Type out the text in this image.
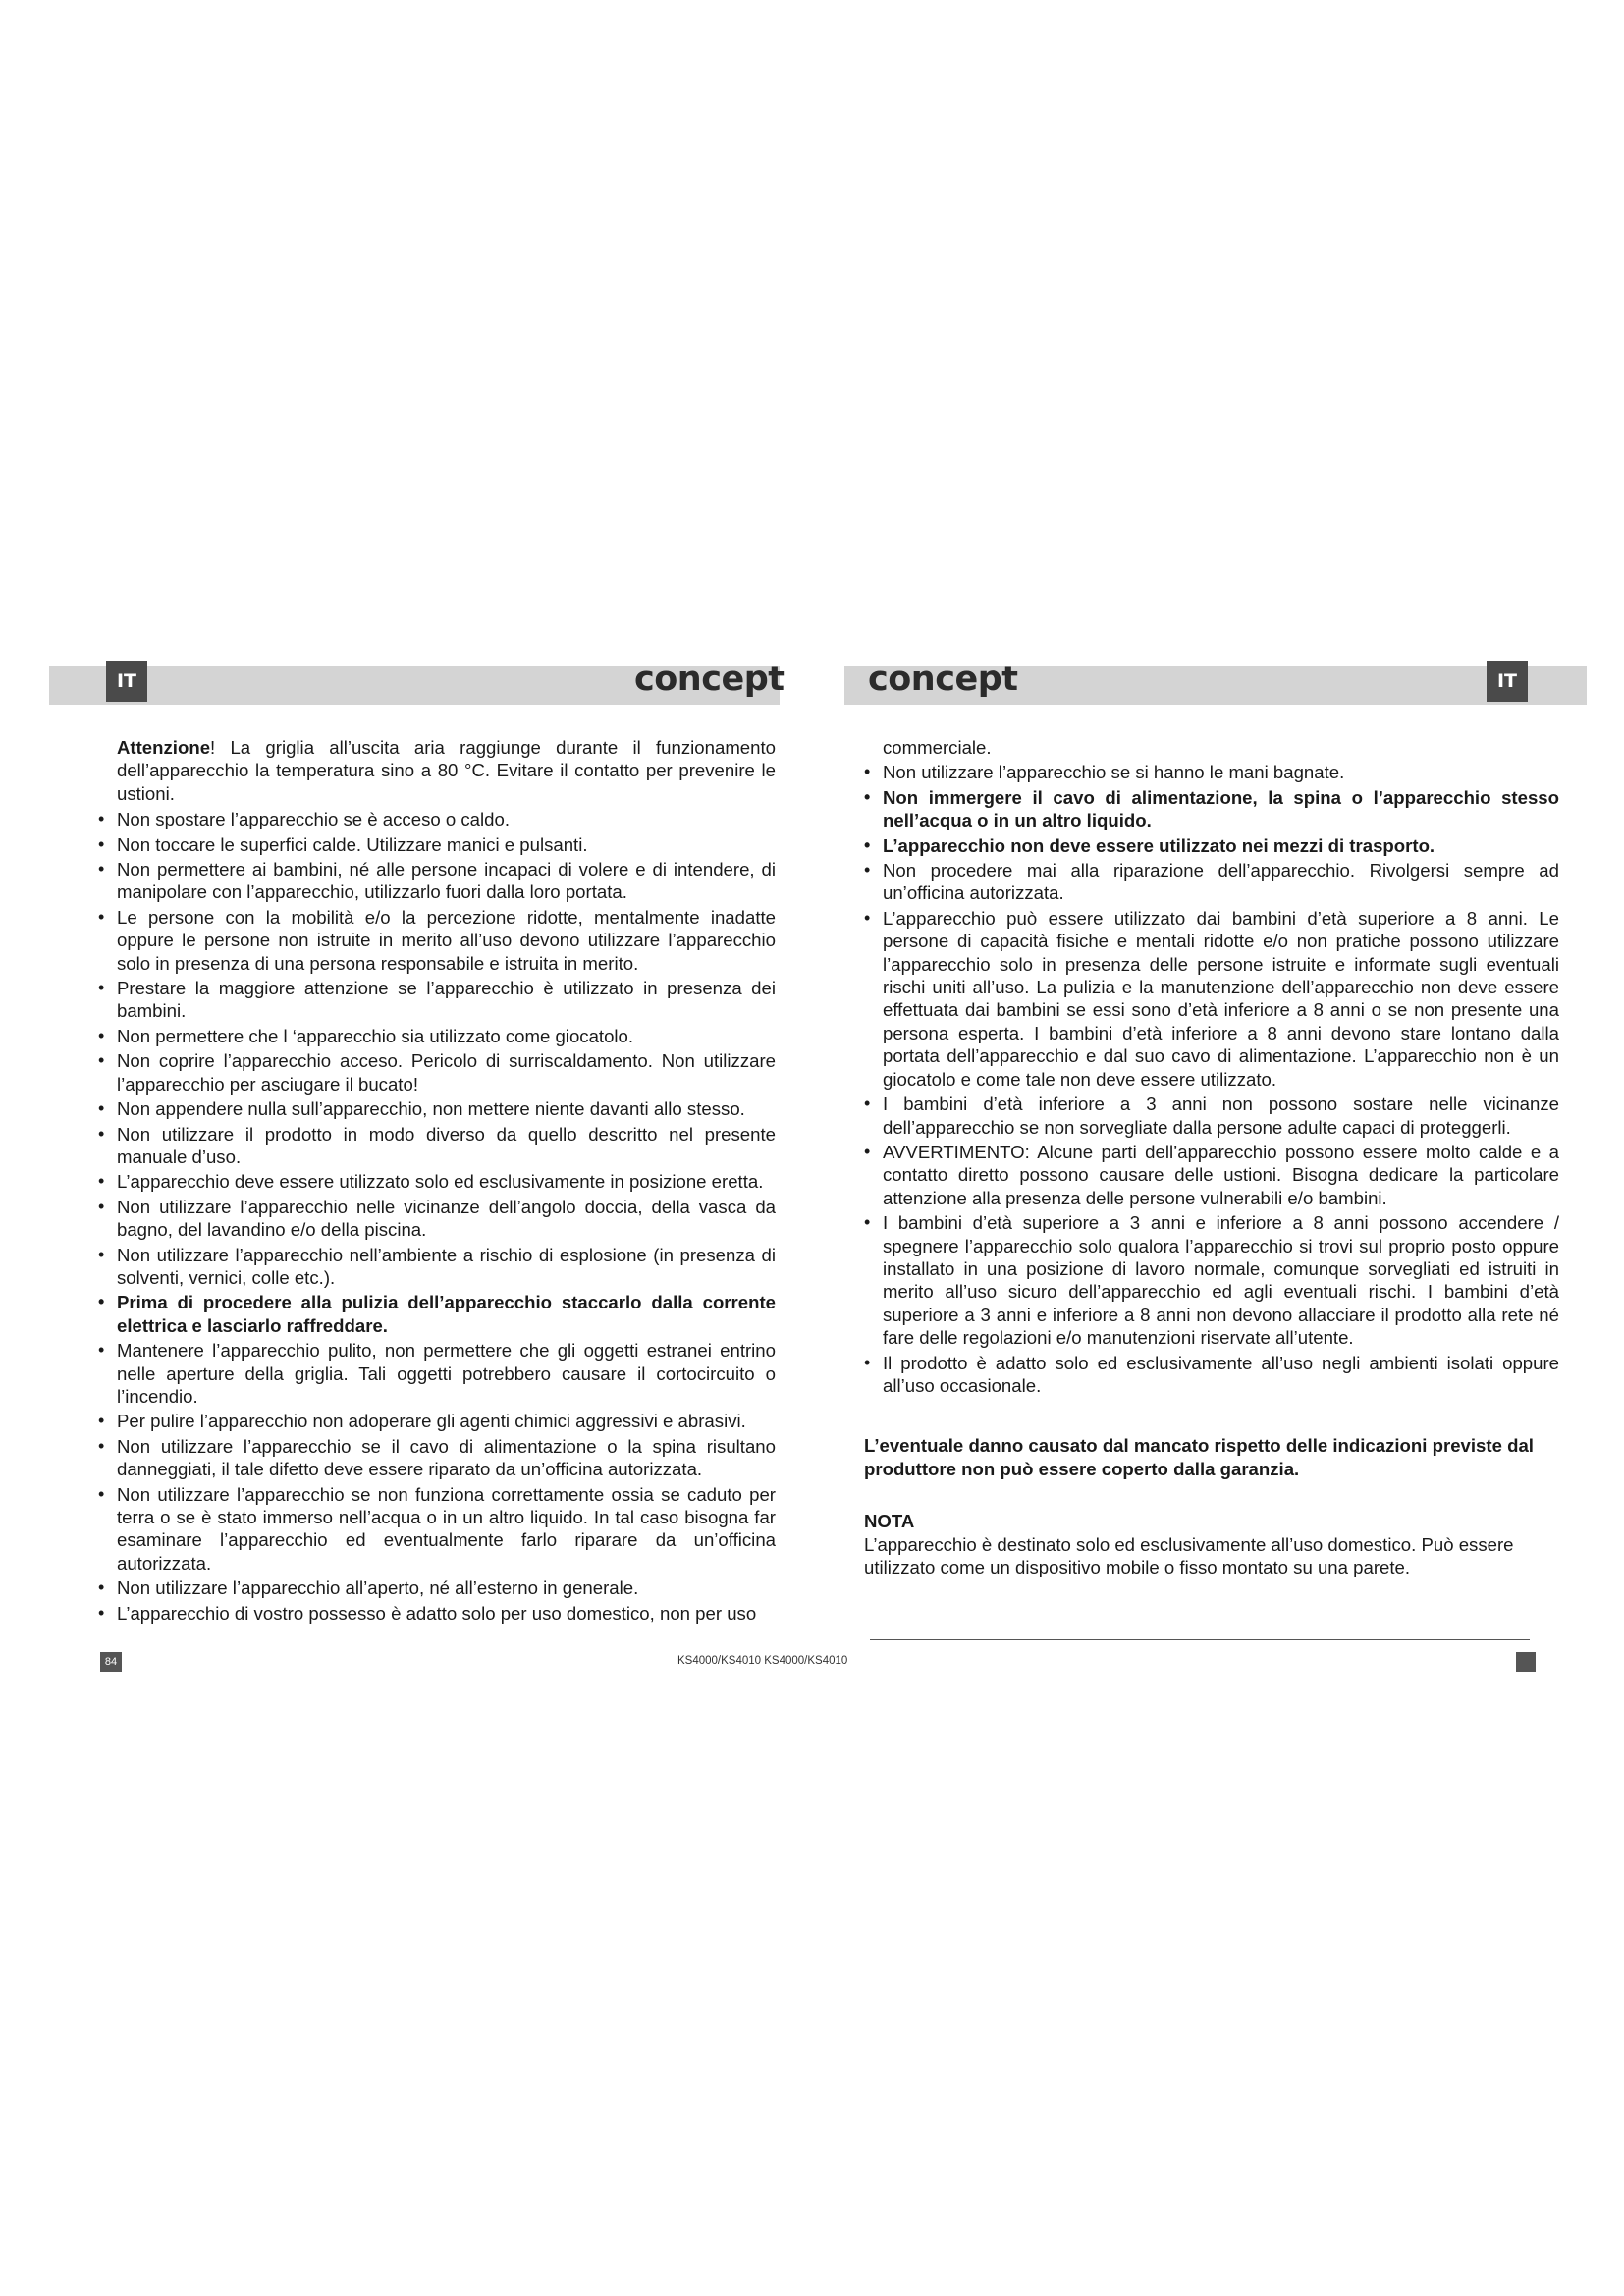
IT	IT
concept concept

Attenzione! La griglia all’uscita aria raggiunge durante il funzionamento dell’apparecchio la temperatura sino a 80 °C. Evitare il contatto per prevenire le ustioni.

• Non spostare l’apparecchio se è acceso o caldo.
• Non toccare le superfici calde. Utilizzare manici e pulsanti.
• Non permettere ai bambini, né alle persone incapaci di volere e di intendere, di manipolare con l’apparecchio, utilizzarlo fuori dalla loro portata.
• Le persone con la mobilità e/o la percezione ridotte, mentalmente inadatte oppure le persone non istruite in merito all’uso devono utilizzare l’apparecchio solo in presenza di una persona responsabile e istruita in merito.
• Prestare la maggiore attenzione se l’apparecchio è utilizzato in presenza dei bambini.
• Non permettere che l ‘apparecchio sia utilizzato come giocatolo.
• Non coprire l’apparecchio acceso. Pericolo di surriscaldamento. Non utilizzare l’apparecchio per asciugare il bucato!
• Non appendere nulla sull’apparecchio, non mettere niente davanti allo stesso.
• Non utilizzare il prodotto in modo diverso da quello descritto nel presente manuale d’uso.
• L’apparecchio deve essere utilizzato solo ed esclusivamente in posizione eretta.
• Non utilizzare l’apparecchio nelle vicinanze dell’angolo doccia, della vasca da bagno, del lavandino e/o della piscina.
• Non utilizzare l’apparecchio nell’ambiente a rischio di esplosione (in presenza di solventi, vernici, colle etc.).
• Prima di procedere alla pulizia dell’apparecchio staccarlo dalla corrente elettrica e lasciarlo raffreddare.
• Mantenere l’apparecchio pulito, non permettere che gli oggetti estranei entrino nelle aperture della griglia. Tali oggetti potrebbero causare il cortocircuito o l’incendio.
• Per pulire l’apparecchio non adoperare gli agenti chimici aggressivi e abrasivi.
• Non utilizzare l’apparecchio se il cavo di alimentazione o la spina risultano danneggiati, il tale difetto deve essere riparato da un’officina autorizzata.
• Non utilizzare l’apparecchio se non funziona correttamente ossia se caduto per terra o se è stato immerso nell’acqua o in un altro liquido. In tal caso bisogna far esaminare l’apparecchio ed eventualmente farlo riparare da un’officina autorizzata.
• Non utilizzare l’apparecchio all’aperto, né all’esterno in generale.
• L’apparecchio di vostro possesso è adatto solo per uso domestico, non per uso

commerciale.

• Non utilizzare l’apparecchio se si hanno le mani bagnate.
• Non immergere il cavo di alimentazione, la spina o l’apparecchio stesso nell’acqua o in un altro liquido.
• L’apparecchio non deve essere utilizzato nei mezzi di trasporto.
• Non procedere mai alla riparazione dell’apparecchio. Rivolgersi sempre ad un’officina autorizzata.
• L’apparecchio può essere utilizzato dai bambini d’età superiore a 8 anni. Le persone di capacità fisiche e mentali ridotte e/o non pratiche possono utilizzare l’apparecchio solo in presenza delle persone istruite e informate sugli eventuali rischi uniti all’uso. La pulizia e la manutenzione dell’apparecchio non deve essere effettuata dai bambini se essi sono d’età inferiore a 8 anni o se non presente una persona esperta. I bambini d’età inferiore a 8 anni devono stare lontano dalla portata dell’apparecchio e dal suo cavo di alimentazione. L’apparecchio non è un giocatolo e come tale non deve essere utilizzato.
• I bambini d’età inferiore a 3 anni non possono sostare nelle vicinanze dell’apparecchio se non sorvegliate dalla persone adulte capaci di proteggerli.
• AVVERTIMENTO: Alcune parti dell’apparecchio possono essere molto calde e a contatto diretto possono causare delle ustioni. Bisogna dedicare la particolare attenzione alla presenza delle persone vulnerabili e/o bambini.
• I bambini d’età superiore a 3 anni e inferiore a 8 anni possono accendere / spegnere l’apparecchio solo qualora l’apparecchio si trovi sul proprio posto oppure installato in una posizione di lavoro normale, comunque sorvegliati ed istruiti in merito all’uso sicuro dell’apparecchio ed agli eventuali rischi. I bambini d’età superiore a 3 anni e inferiore a 8 anni non devono allacciare il prodotto alla rete né fare delle regolazioni e/o manutenzioni riservate all’utente.
• Il prodotto è adatto solo ed esclusivamente all’uso negli ambienti isolati oppure all’uso occasionale.

L’eventuale danno causato dal mancato rispetto delle indicazioni previste dal produttore non può essere coperto dalla garanzia.

NOTA

L’apparecchio è destinato solo ed esclusivamente all’uso domestico. Può essere utilizzato come un dispositivo mobile o fisso montato su una parete.

84	KS4000/KS4010 KS4000/KS4010
